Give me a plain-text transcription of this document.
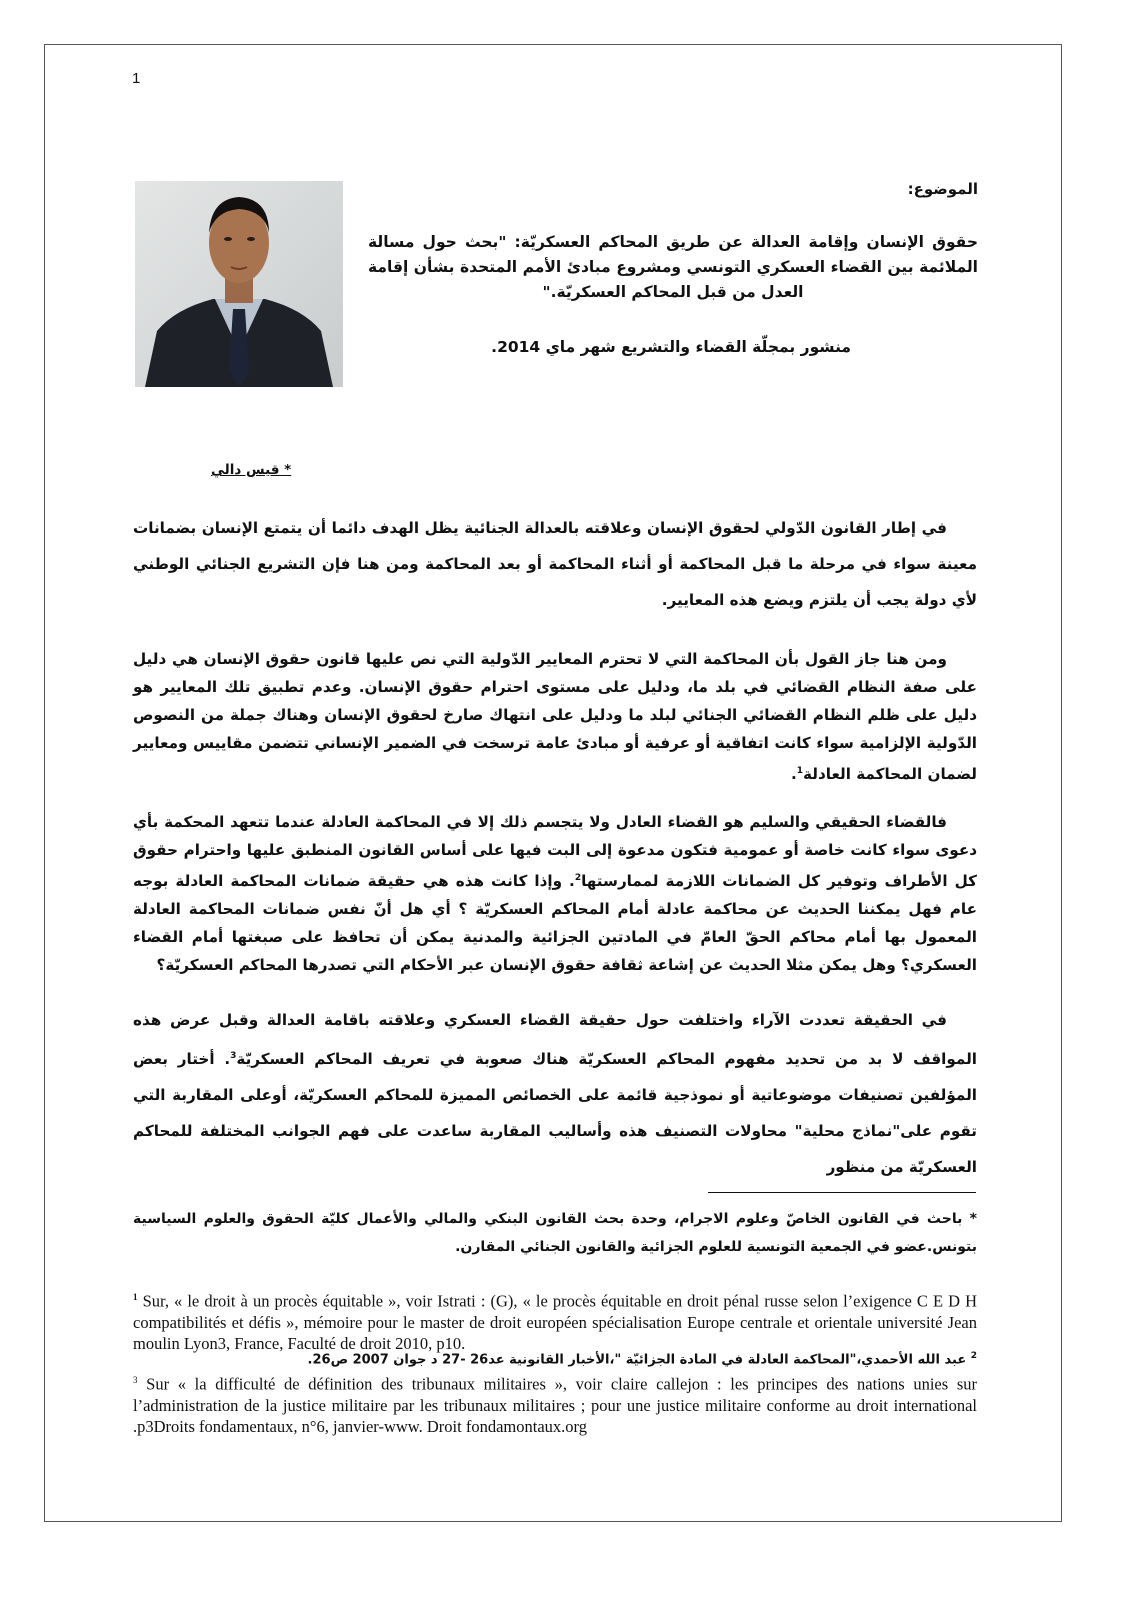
1
الموضوع:
حقوق الإنسان وإقامة العدالة عن طريق المحاكم العسكريّة: "بحث حول مسالة الملائمة بين القضاء العسكري التونسي ومشروع مبادئ الأمم المتحدة بشأن إقامة العدل من قبل المحاكم العسكريّة."
منشور بمجلّة القضاء والتشريع شهر ماي 2014.
* قيس دالي
في إطار القانون الدّولي لحقوق الإنسان وعلاقته بالعدالة الجنائية يظل الهدف دائما أن يتمتع الإنسان بضمانات معينة سواء في مرحلة ما قبل المحاكمة أو أثناء المحاكمة أو بعد المحاكمة ومن هنا فإن التشريع الجنائي الوطني لأي دولة يجب أن يلتزم ويضع هذه المعايير.
ومن هنا جاز القول بأن المحاكمة التي لا تحترم المعايير الدّولية التي نص عليها قانون حقوق الإنسان هي دليل على صفة النظام القضائي في بلد ما، ودليل على مستوى احترام حقوق الإنسان. وعدم تطبيق تلك المعايير هو دليل على ظلم النظام القضائي الجنائي لبلد ما ودليل على انتهاك صارخ لحقوق الإنسان وهناك جملة من النصوص الدّولية الإلزامية سواء كانت اتفاقية أو عرفية أو مبادئ عامة ترسخت في الضمير الإنساني تتضمن مقاييس ومعايير لضمان المحاكمة العادلة$^1$.
فالقضاء الحقيقي والسليم هو القضاء العادل ولا يتجسم ذلك إلا في المحاكمة العادلة عندما تتعهد المحكمة بأي دعوى سواء كانت خاصة أو عمومية فتكون مدعوة إلى البت فيها على أساس القانون المنطبق عليها واحترام حقوق كل الأطراف وتوفير كل الضمانات اللازمة لممارستها$^2$. وإذا كانت هذه هي حقيقة ضمانات المحاكمة العادلة بوجه عام فهل يمكننا الحديث عن محاكمة عادلة أمام المحاكم العسكريّة ؟ أي هل أنّ نفس ضمانات المحاكمة العادلة المعمول بها أمام محاكم الحقّ العامّ في المادتين الجزائية والمدنية يمكن أن تحافظ على صبغتها أمام القضاء العسكري؟ وهل يمكن مثلا الحديث عن إشاعة ثقافة حقوق الإنسان عبر الأحكام التي تصدرها المحاكم العسكريّة؟
في الحقيقة تعددت الآراء واختلفت حول حقيقة القضاء العسكري وعلاقته باقامة العدالة وقبل عرض هذه المواقف لا بد من تحديد مفهوم المحاكم العسكريّة هناك صعوبة في تعريف المحاكم العسكريّة$^3$. أختار بعض المؤلفين تصنيفات موضوعاتية أو نموذجية قائمة على الخصائص المميزة للمحاكم العسكريّة، أوعلى المقاربة التي تقوم على"نماذج محلية" محاولات التصنيف هذه وأساليب المقاربة ساعدت على فهم الجوانب المختلفة للمحاكم العسكريّة من منظور
* باحث في القانون الخاصّ وعلوم الاجرام، وحدة بحث القانون البنكي والمالي والأعمال كليّة الحقوق والعلوم السياسية بتونس.عضو في الجمعية التونسية للعلوم الجزائية والقانون الجنائي المقارن.
$^1$ Sur, « le droit à un procès équitable », voir Istrati : (G), « le procès équitable en droit pénal russe selon l’exigence C E D H compatibilités et défis », mémoire pour le master de droit européen spécialisation Europe centrale et orientale université Jean moulin Lyon3, France, Faculté de droit 2010, p10.
$^2$ عبد الله الأحمدي،"المحاكمة العادلة في المادة الجزائيّة "،الأخبار القانونية عد26 -27 د جوان 2007 ص26.
$^3$ Sur « la difficulté de définition des tribunaux militaires », voir claire callejon : les principes des nations unies sur l’administration de la justice militaire par les tribunaux militaires ; pour une justice militaire conforme au droit international .p3Droits fondamentaux, n°6, janvier-www. Droit fondamontaux.org
